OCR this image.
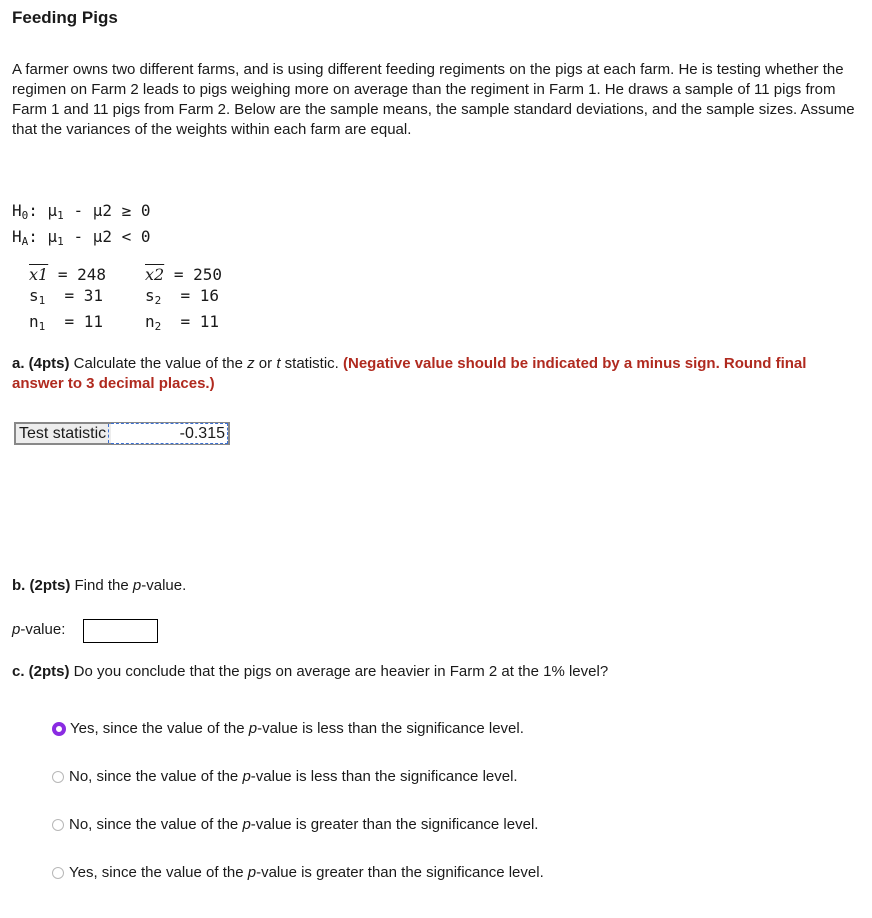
Feeding Pigs
A farmer owns two different farms, and is using different feeding regiments on the pigs at each farm. He is testing whether the regimen on Farm 2 leads to pigs weighing more on average than the regiment in Farm 1. He draws a sample of 11 pigs from Farm 1 and 11 pigs from Farm 2. Below are the sample means, the sample standard deviations, and the sample sizes. Assume that the variances of the weights within each farm are equal.
$H_0$: $\mu_1 - \mu 2 \ge 0$
$H_A$: $\mu_1 - \mu 2 < 0$
x1 = 248 x2 = 250
$s_1 = 31$	$s_2 = 16$
$n_1 = 11$	$n_2 = 11$
a. (4pts) Calculate the value of the z or t statistic. (Negative value should be indicated by a minus sign. Round final answer to 3 decimal places.)
Test statistic	-0.315
b. (2pts) Find the p-value.
p-value:
c. (2pts) Do you conclude that the pigs on average are heavier in Farm 2 at the 1% level?
Yes, since the value of the p-value is less than the significance level.
No, since the value of the p-value is less than the significance level.
No, since the value of the p-value is greater than the significance level.
Yes, since the value of the p-value is greater than the significance level.
